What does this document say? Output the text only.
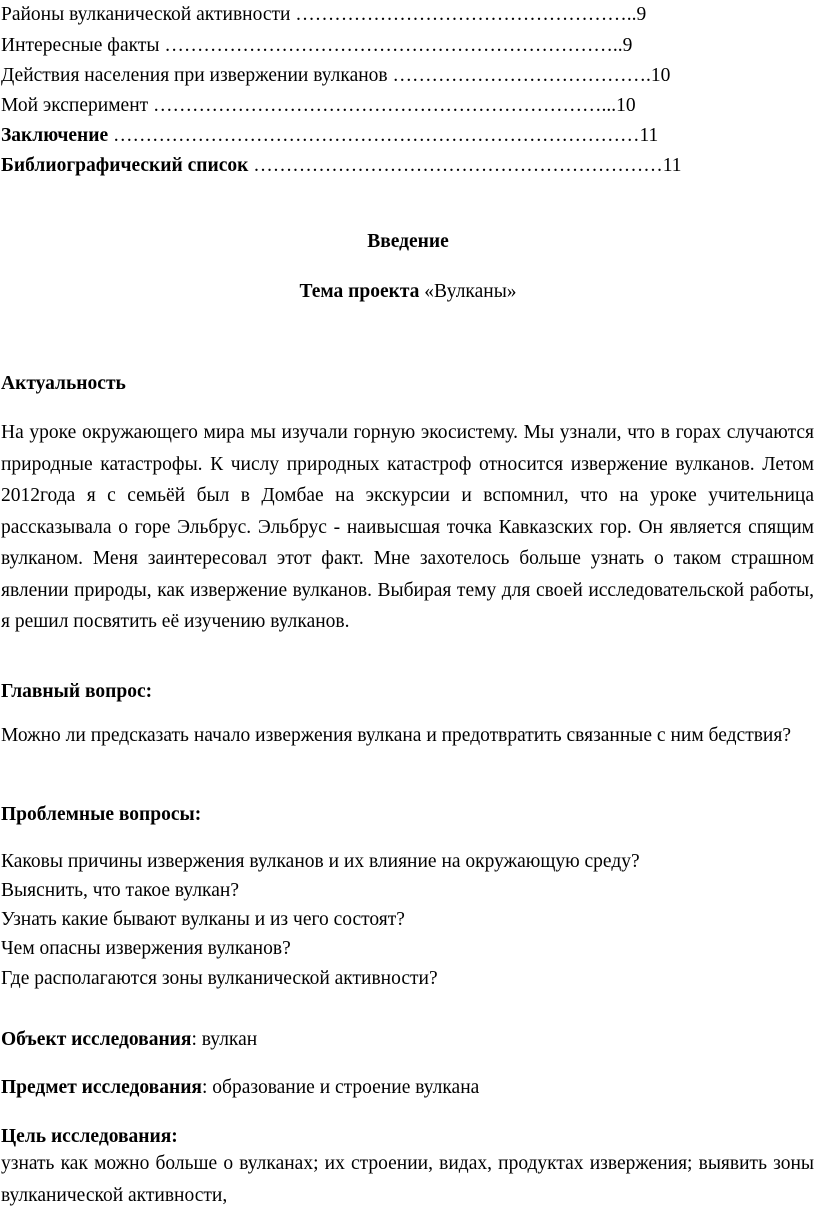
Районы вулканической активности ……………………………………………..9
Интересные факты ……………………………………………………………..9
Действия населения при извержении вулканов ………………………………….10
Мой эксперимент ……………………………………………………………...10
Заключение ………………………………………………………………………11
Библиографический список ………………………………………………………11
Введение
Тема проекта «Вулканы»
Актуальность
На уроке окружающего мира мы изучали горную экосистему. Мы узнали, что в горах случаются природные катастрофы. К числу природных катастроф относится извержение вулканов. Летом 2012года я с семьёй был в Домбае на экскурсии и вспомнил, что на уроке учительница рассказывала о горе Эльбрус. Эльбрус - наивысшая точка Кавказских гор. Он является спящим вулканом. Меня заинтересовал этот факт. Мне захотелось больше узнать о таком страшном явлении природы, как извержение вулканов. Выбирая тему для своей исследовательской работы, я решил посвятить её изучению вулканов.
Главный вопрос:
Можно ли предсказать начало извержения вулкана и предотвратить связанные с ним бедствия?
Проблемные вопросы:
Каковы причины извержения вулканов и их влияние на окружающую среду?
Выяснить, что такое вулкан?
Узнать какие бывают вулканы и из чего состоят?
Чем опасны извержения вулканов?
Где располагаются зоны вулканической активности?
Объект исследования: вулкан
Предмет исследования: образование и строение вулкана
Цель исследования:
узнать как можно больше о вулканах; их строении, видах, продуктах извержения; выявить зоны вулканической активности,
